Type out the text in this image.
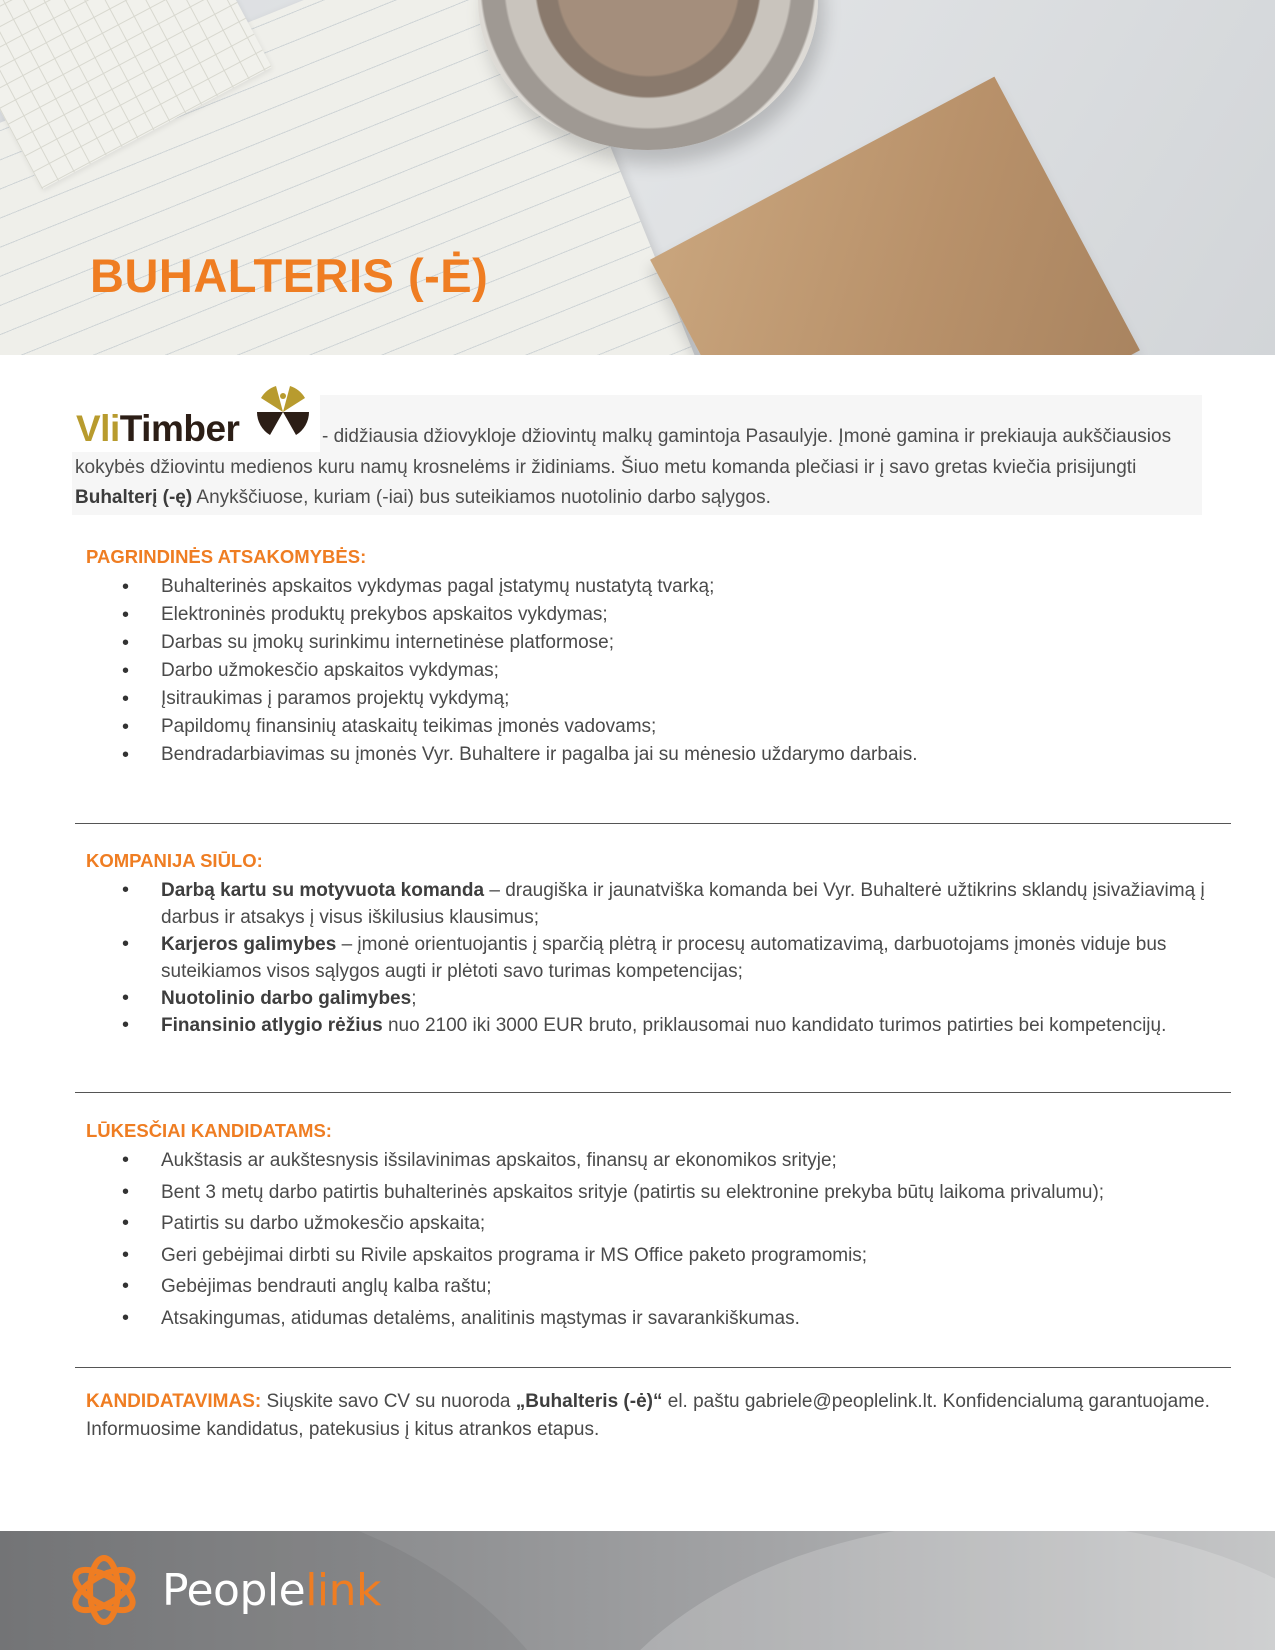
BUHALTERIS (-Ė)
VliTimber	- didžiausia džiovykloje džiovintų malkų gamintoja Pasaulyje. Įmonė gamina ir prekiauja aukščiausios kokybės džiovintu medienos kuru namų krosnelėms ir židiniams. Šiuo metu komanda plečiasi ir į savo gretas kviečia prisijungti Buhalterį (-ę) Anykščiuose, kuriam (-iai) bus suteikiamos nuotolinio darbo sąlygos.

PAGRINDINĖS ATSAKOMYBĖS:
• Buhalterinės apskaitos vykdymas pagal įstatymų nustatytą tvarką;
• Elektroninės produktų prekybos apskaitos vykdymas;
• Darbas su įmokų surinkimu internetinėse platformose;
• Darbo užmokesčio apskaitos vykdymas;
• Įsitraukimas į paramos projektų vykdymą;
• Papildomų finansinių ataskaitų teikimas įmonės vadovams;
• Bendradarbiavimas su įmonės Vyr. Buhaltere ir pagalba jai su mėnesio uždarymo darbais.
KOMPANIJA SIŪLO:
• Darbą kartu su motyvuota komanda – draugiška ir jaunatviška komanda bei Vyr. Buhalterė užtikrins sklandų įsivažiavimą į darbus ir atsakys į visus iškilusius klausimus;
• Karjeros galimybes – įmonė orientuojantis į sparčią plėtrą ir procesų automatizavimą, darbuotojams įmonės viduje bus suteikiamos visos sąlygos augti ir plėtoti savo turimas kompetencijas;
• Nuotolinio darbo galimybes;
• Finansinio atlygio rėžius nuo 2100 iki 3000 EUR bruto, priklausomai nuo kandidato turimos patirties bei kompetencijų.
LŪKESČIAI KANDIDATAMS:
• Aukštasis ar aukštesnysis išsilavinimas apskaitos, finansų ar ekonomikos srityje;
• Bent 3 metų darbo patirtis buhalterinės apskaitos srityje (patirtis su elektronine prekyba būtų laikoma privalumu);
• Patirtis su darbo užmokesčio apskaita;
• Geri gebėjimai dirbti su Rivile apskaitos programa ir MS Office paketo programomis;
• Gebėjimas bendrauti anglų kalba raštu;
• Atsakingumas, atidumas detalėms, analitinis mąstymas ir savarankiškumas.

KANDIDATAVIMAS: Siųskite savo CV su nuoroda „Buhalteris (-ė)“ el. paštu gabriele@peoplelink.lt. Konfidencialumą garantuojame. Informuosime kandidatus, patekusius į kitus atrankos etapus.

Peoplelink
